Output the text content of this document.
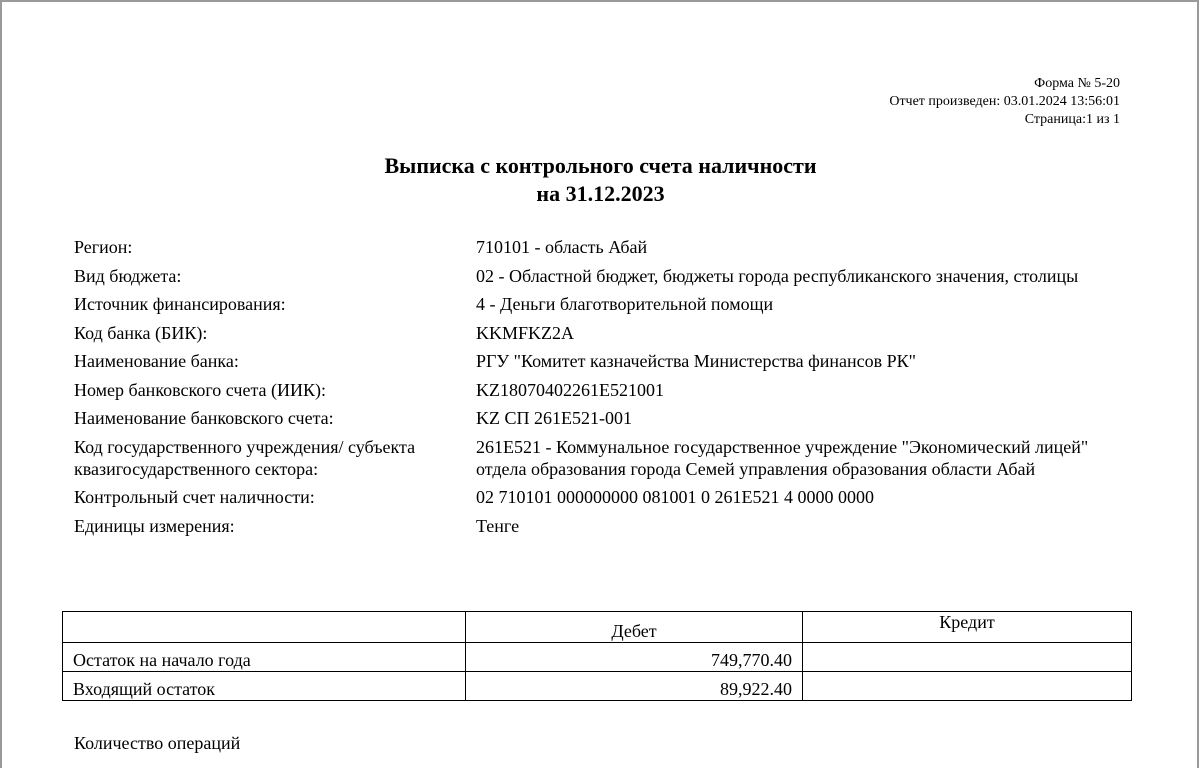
Форма № 5-20
Отчет произведен: 03.01.2024 13:56:01
Страница:1 из 1
Выписка с контрольного счета наличности
на 31.12.2023
Регион:	710101 - область Абай
Вид бюджета:	02 - Областной бюджет, бюджеты города республиканского значения, столицы
Источник финансирования:	4 - Деньги благотворительной помощи
Код банка (БИК):	KKMFKZ2A
Наименование банка:	РГУ "Комитет казначейства Министерства финансов РК"
Номер банковского счета (ИИК):	KZ18070402261E521001
Наименование банковского счета:	KZ СП 261E521-001
Код государственного учреждения/ субъекта квазигосударственного сектора:
261E521 - Коммунальное государственное учреждение "Экономический лицей" отдела образования города Семей управления образования области Абай
Контрольный счет наличности:	02 710101 000000000 081001 0 261E521 4 0000 0000
Единицы измерения:	Тенге
	Дебет	Кредит
Остаток на начало года	749,770.40	
Входящий остаток	89,922.40	
Количество операций
